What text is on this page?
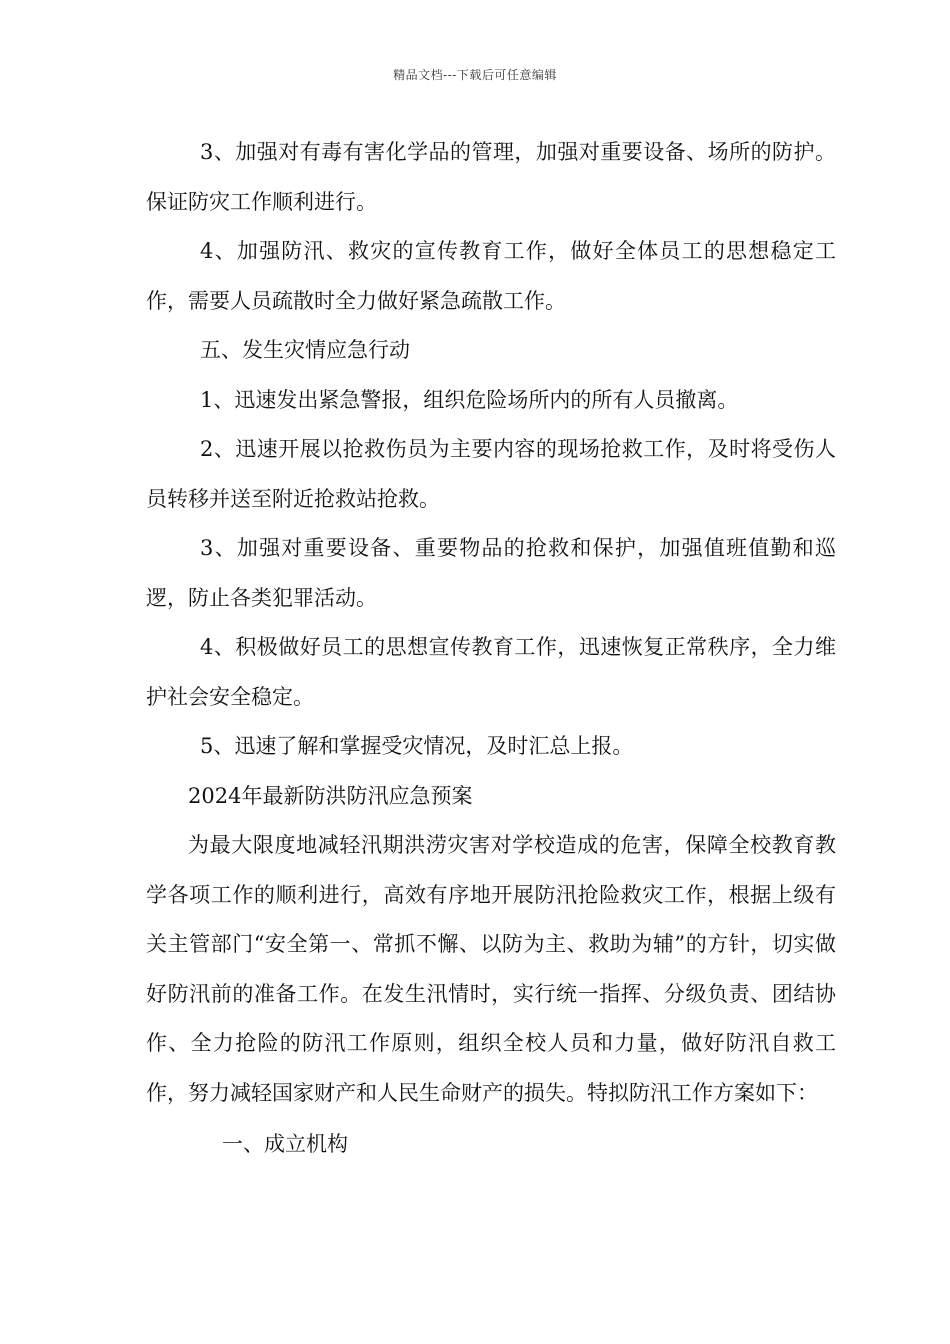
精品文档---下载后可任意编辑

3、加强对有毒有害化学品的管理，加强对重要设备、场所的防护。保证防灾工作顺利进行。

4、加强防汛、救灾的宣传教育工作，做好全体员工的思想稳定工作，需要人员疏散时全力做好紧急疏散工作。

五、发生灾情应急行动

1、迅速发出紧急警报，组织危险场所内的所有人员撤离。

2、迅速开展以抢救伤员为主要内容的现场抢救工作，及时将受伤人员转移并送至附近抢救站抢救。

3、加强对重要设备、重要物品的抢救和保护，加强值班值勤和巡逻，防止各类犯罪活动。

4、积极做好员工的思想宣传教育工作，迅速恢复正常秩序，全力维护社会安全稳定。

5、迅速了解和掌握受灾情况，及时汇总上报。

2024年最新防洪防汛应急预案

为最大限度地减轻汛期洪涝灾害对学校造成的危害，保障全校教育教学各项工作的顺利进行，高效有序地开展防汛抢险救灾工作，根据上级有关主管部门“安全第一、常抓不懈、以防为主、救助为辅”的方针，切实做好防汛前的准备工作。在发生汛情时，实行统一指挥、分级负责、团结协作、全力抢险的防汛工作原则，组织全校人员和力量，做好防汛自救工作，努力减轻国家财产和人民生命财产的损失。特拟防汛工作方案如下：

一、成立机构
